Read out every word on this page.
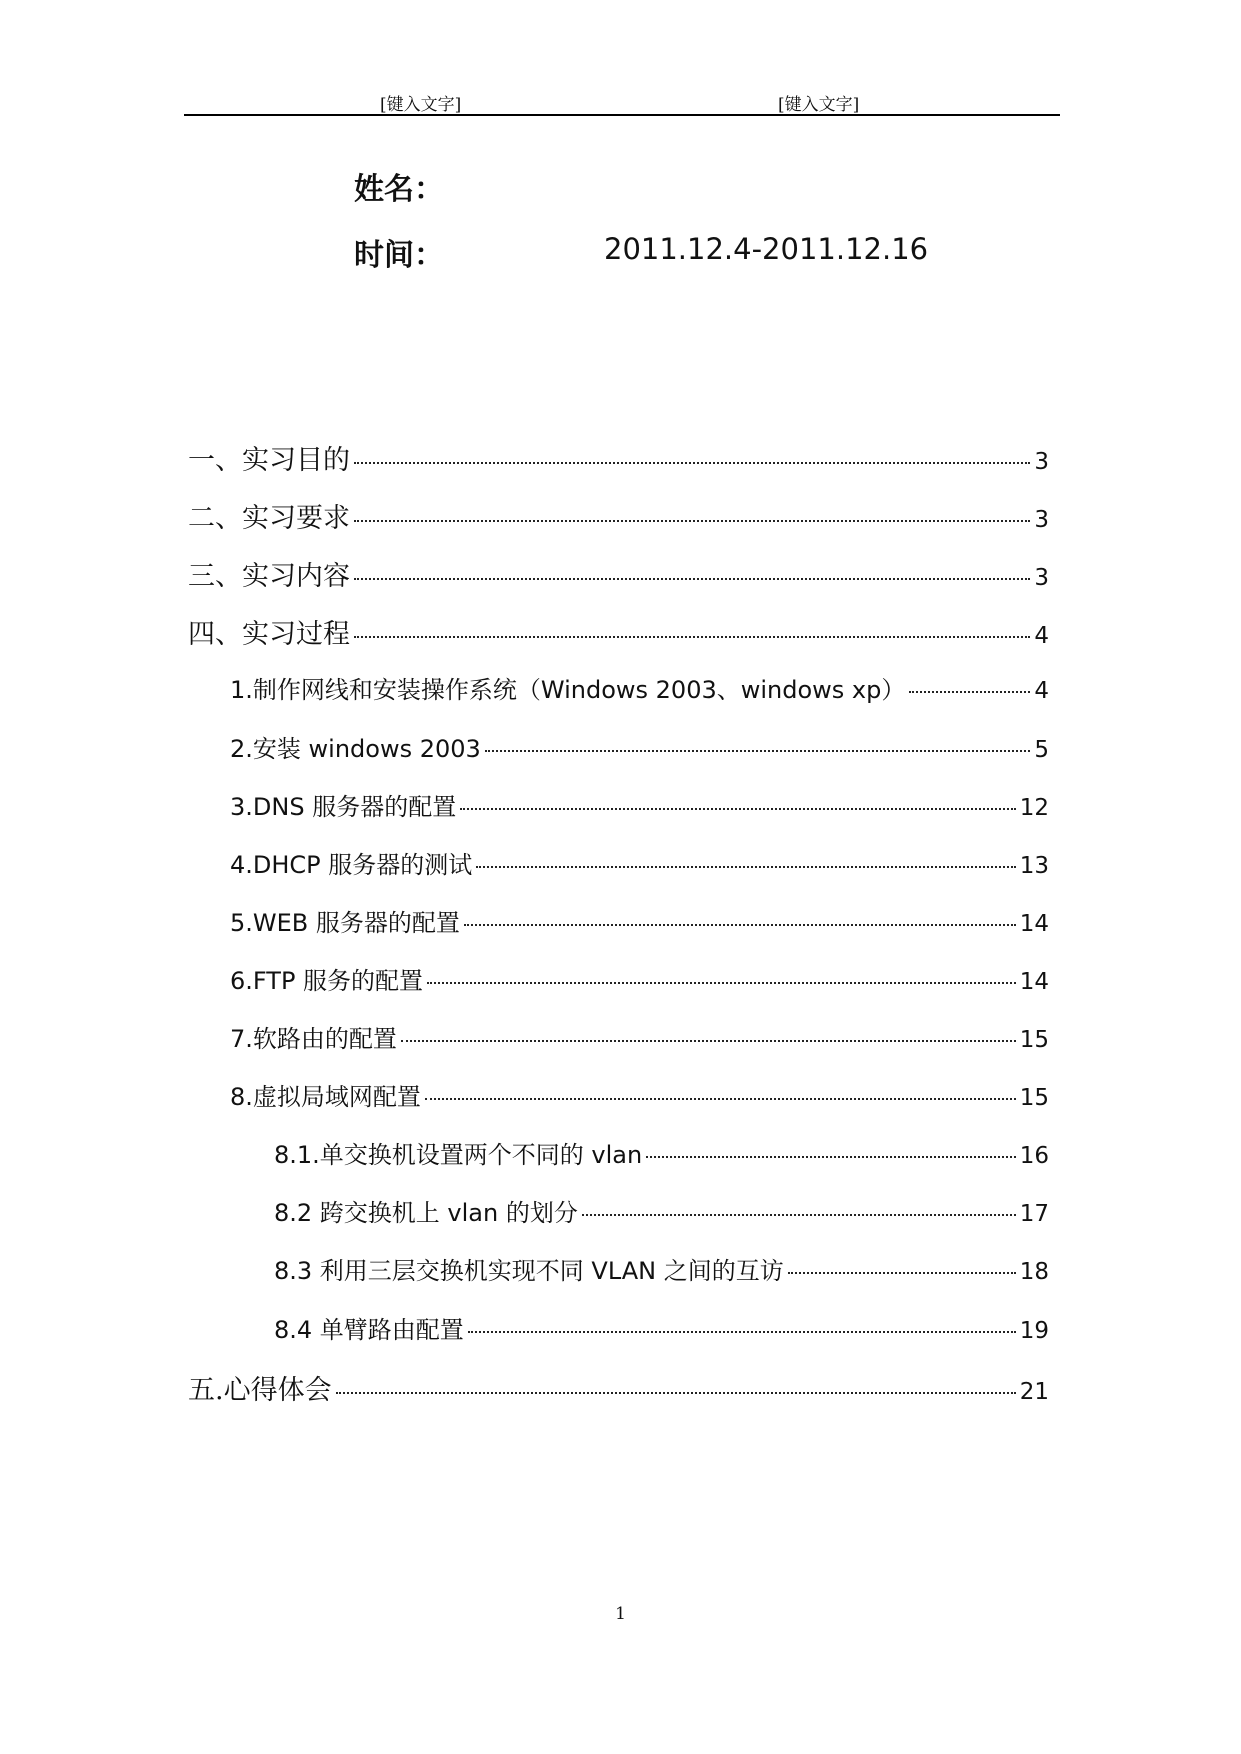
[键入文字]	[键入文字]
姓名：
时间：	2011.12.4-2011.12.16
一、实习目的	3
二、实习要求	3
三、实习内容	3
四、实习过程	4
1.制作网线和安装操作系统（Windows 2003、windows xp）	4
2.安装 windows 2003	5
3.DNS 服务器的配置	12
4.DHCP 服务器的测试	13
5.WEB 服务器的配置	14
6.FTP 服务的配置	14
7.软路由的配置	15
8.虚拟局域网配置	15
8.1.单交换机设置两个不同的 vlan	16
8.2 跨交换机上 vlan 的划分	17
8.3 利用三层交换机实现不同 VLAN 之间的互访	18
8.4 单臂路由配置	19
五.心得体会	21
1
